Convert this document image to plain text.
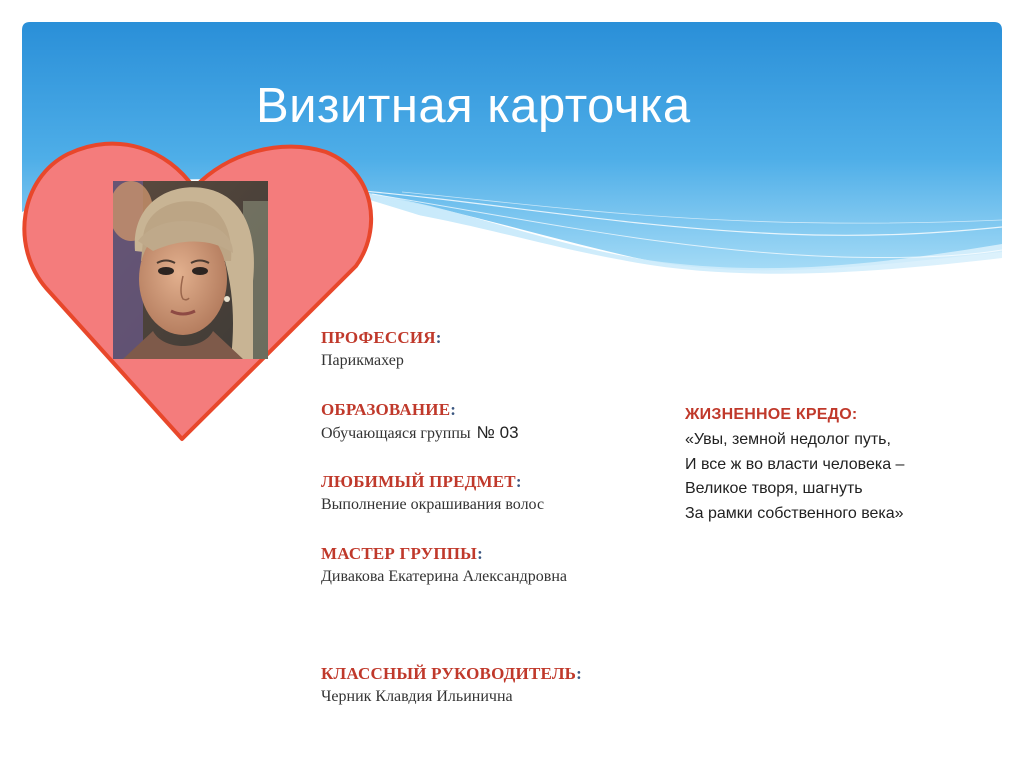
Визитная карточка
ПРОФЕССИЯ:
Парикмахер
ОБРАЗОВАНИЕ:
Обучающаяся группы № 03
ЛЮБИМЫЙ ПРЕДМЕТ:
Выполнение окрашивания волос
МАСТЕР ГРУППЫ:
Дивакова Екатерина Александровна
КЛАССНЫЙ РУКОВОДИТЕЛЬ:
Черник Клавдия Ильинична
ЖИЗНЕННОЕ КРЕДО:
«Увы, земной недолог путь,
И все ж во власти человека –
Великое творя, шагнуть
За рамки собственного века»
